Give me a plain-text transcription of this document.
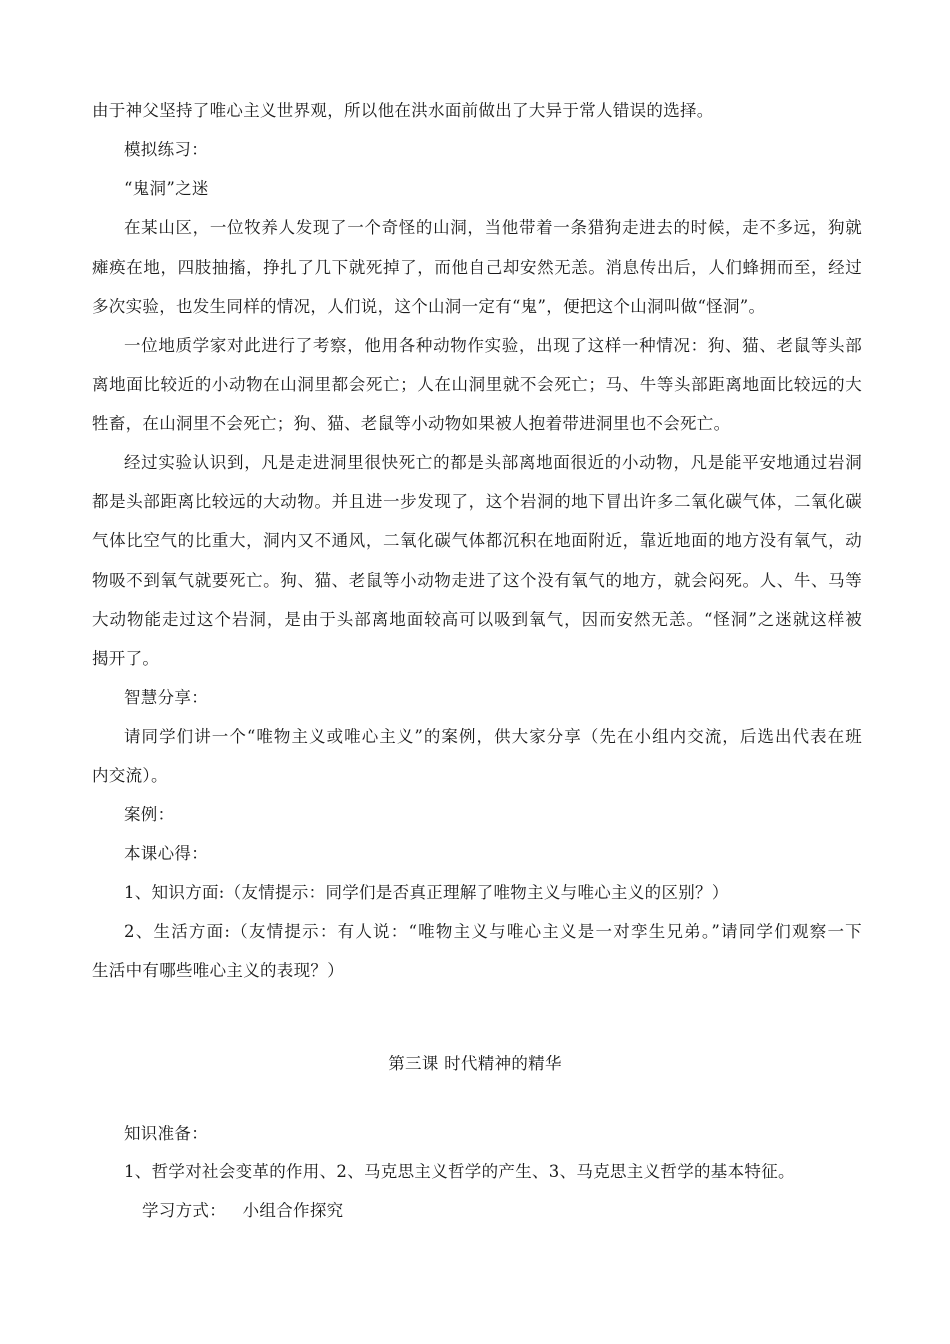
由于神父坚持了唯心主义世界观，所以他在洪水面前做出了大异于常人错误的选择。
模拟练习：
“鬼洞”之迷
在某山区，一位牧养人发现了一个奇怪的山洞，当他带着一条猎狗走进去的时候，走不多远，狗就
瘫痪在地，四肢抽搐，挣扎了几下就死掉了，而他自己却安然无恙。消息传出后，人们蜂拥而至，经过
多次实验，也发生同样的情况，人们说，这个山洞一定有“鬼”，便把这个山洞叫做“怪洞”。
一位地质学家对此进行了考察，他用各种动物作实验，出现了这样一种情况：狗、猫、老鼠等头部
离地面比较近的小动物在山洞里都会死亡；人在山洞里就不会死亡；马、牛等头部距离地面比较远的大
牲畜，在山洞里不会死亡；狗、猫、老鼠等小动物如果被人抱着带进洞里也不会死亡。
经过实验认识到，凡是走进洞里很快死亡的都是头部离地面很近的小动物，凡是能平安地通过岩洞
都是头部距离比较远的大动物。并且进一步发现了，这个岩洞的地下冒出许多二氧化碳气体，二氧化碳
气体比空气的比重大，洞内又不通风，二氧化碳气体都沉积在地面附近，靠近地面的地方没有氧气，动
物吸不到氧气就要死亡。狗、猫、老鼠等小动物走进了这个没有氧气的地方，就会闷死。人、牛、马等
大动物能走过这个岩洞，是由于头部离地面较高可以吸到氧气，因而安然无恙。“怪洞”之迷就这样被
揭开了。
智慧分享：
请同学们讲一个“唯物主义或唯心主义”的案例，供大家分享（先在小组内交流，后选出代表在班
内交流）。
案例：
本课心得：
1、知识方面:（友情提示：同学们是否真正理解了唯物主义与唯心主义的区别？）
2、生活方面:（友情提示：有人说：“唯物主义与唯心主义是一对孪生兄弟。”请同学们观察一下
生活中有哪些唯心主义的表现？）
第三课 时代精神的精华
知识准备：
1、哲学对社会变革的作用、2、马克思主义哲学的产生、3、马克思主义哲学的基本特征。
学习方式：   小组合作探究
